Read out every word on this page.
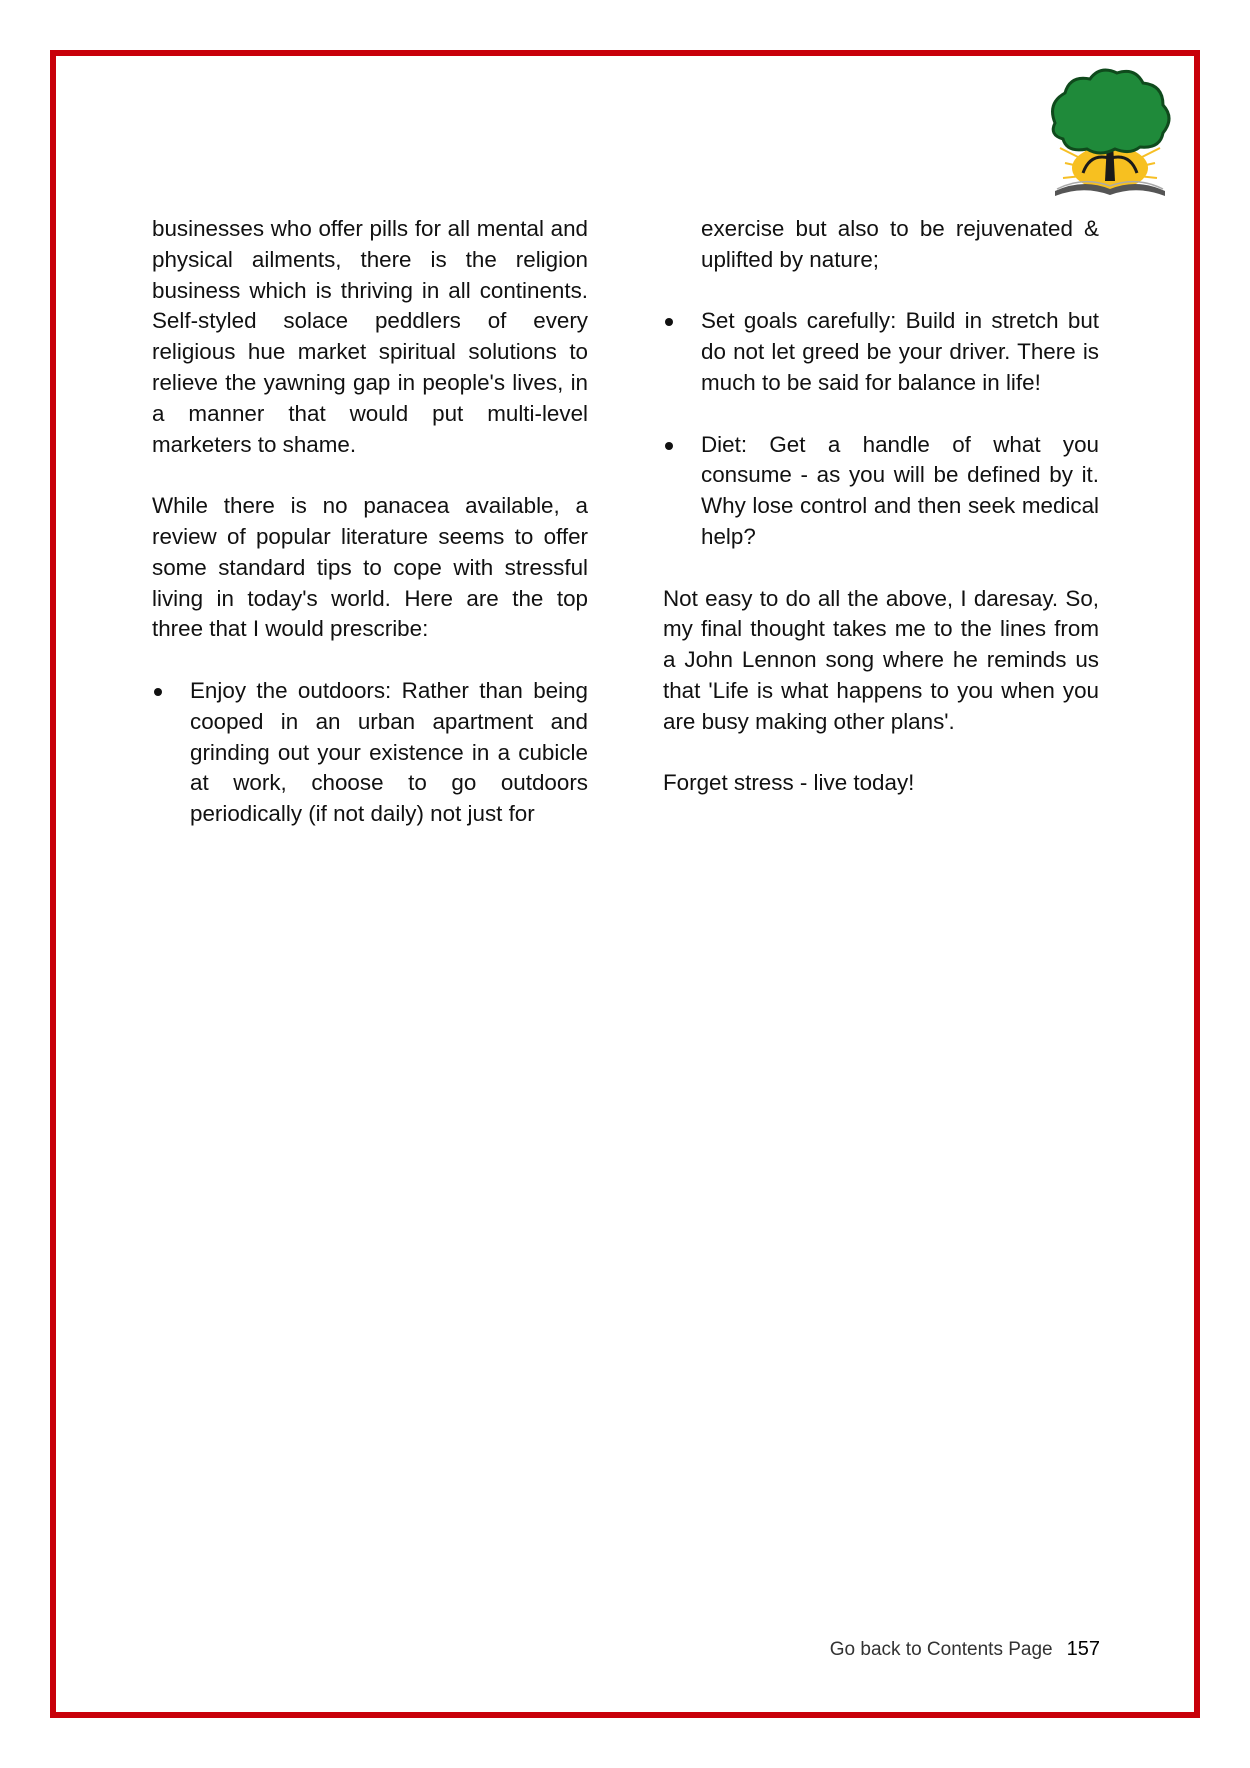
businesses who offer pills for all mental and physical ailments, there is the religion business which is thriving in all continents. Self-styled solace peddlers of every religious hue market spiritual solutions to relieve the yawning gap in people's lives, in a manner that would put multi-level marketers to shame.

While there is no panacea available, a review of popular literature seems to offer some standard tips to cope with stressful living in today's world. Here are the top three that I would prescribe:

Enjoy the outdoors: Rather than being cooped in an urban apartment and grinding out your existence in a cubicle at work, choose to go outdoors periodically (if not daily) not just for

exercise but also to be rejuvenated & uplifted by nature;

Set goals carefully: Build in stretch but do not let greed be your driver. There is much to be said for balance in life!
Diet: Get a handle of what you consume - as you will be defined by it. Why lose control and then seek medical help?

Not easy to do all the above, I daresay. So, my final thought takes me to the lines from a John Lennon song where he reminds us that 'Life is what happens to you when you are busy making other plans'.

Forget stress - live today!

Go back to Contents Page 157
